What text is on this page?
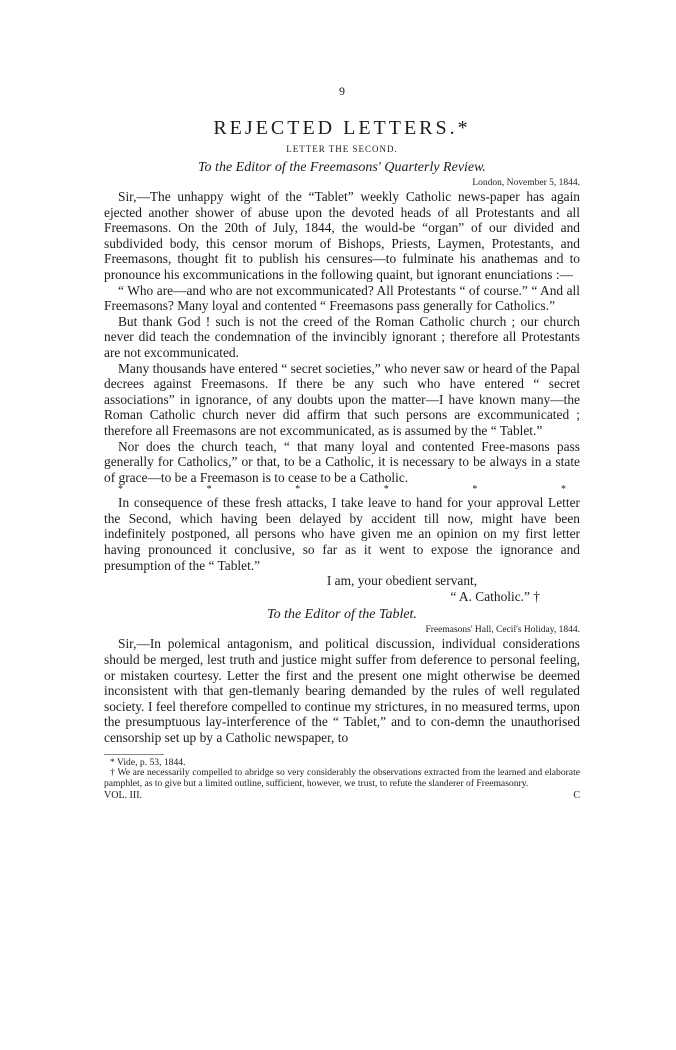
9
REJECTED LETTERS.*
LETTER THE SECOND.
To the Editor of the Freemasons' Quarterly Review.
London, November 5, 1844.

Sir,—The unhappy wight of the “Tablet” weekly Catholic news-paper has again ejected another shower of abuse upon the devoted heads of all Protestants and all Freemasons. On the 20th of July, 1844, the would-be “organ” of our divided and subdivided body, this censor morum of Bishops, Priests, Laymen, Protestants, and Freemasons, thought fit to publish his censures—to fulminate his anathemas and to pronounce his excommunications in the following quaint, but ignorant enunciations :—

“ Who are—and who are not excommunicated? All Protestants “ of course.” “ And all Freemasons? Many loyal and contented “ Freemasons pass generally for Catholics.”

But thank God ! such is not the creed of the Roman Catholic church ; our church never did teach the condemnation of the invincibly ignorant ; therefore all Protestants are not excommunicated.

Many thousands have entered “ secret societies,” who never saw or heard of the Papal decrees against Freemasons. If there be any such who have entered “ secret associations” in ignorance, of any doubts upon the matter—I have known many—the Roman Catholic church never did affirm that such persons are excommunicated ; therefore all Freemasons are not excommunicated, as is assumed by the “ Tablet.”

Nor does the church teach, “ that many loyal and contented Free-masons pass generally for Catholics,” or that, to be a Catholic, it is necessary to be always in a state of grace—to be a Freemason is to cease to be a Catholic.

*	*	*	*	*	*

In consequence of these fresh attacks, I take leave to hand for your approval Letter the Second, which having been delayed by accident till now, might have been indefinitely postponed, all persons who have given me an opinion on my first letter having pronounced it conclusive, so far as it went to expose the ignorance and presumption of the “ Tablet.”

I am, your obedient servant,
“ A. Catholic.” †
To the Editor of the Tablet.
Freemasons' Hall, Cecil's Holiday, 1844.

Sir,—In polemical antagonism, and political discussion, individual considerations should be merged, lest truth and justice might suffer from deference to personal feeling, or mistaken courtesy. Letter the first and the present one might otherwise be deemed inconsistent with that gen-tlemanly bearing demanded by the rules of well regulated society. I feel therefore compelled to continue my strictures, in no measured terms, upon the presumptuous lay-interference of the “ Tablet,” and to con-demn the unauthorised censorship set up by a Catholic newspaper, to

* Vide, p. 53, 1844.
† We are necessarily compelled to abridge so very considerably the observations extracted from the learned and elaborate pamphlet, as to give but a limited outline, sufficient, however, we trust, to refute the slanderer of Freemasonry.
VOL. III.	C
